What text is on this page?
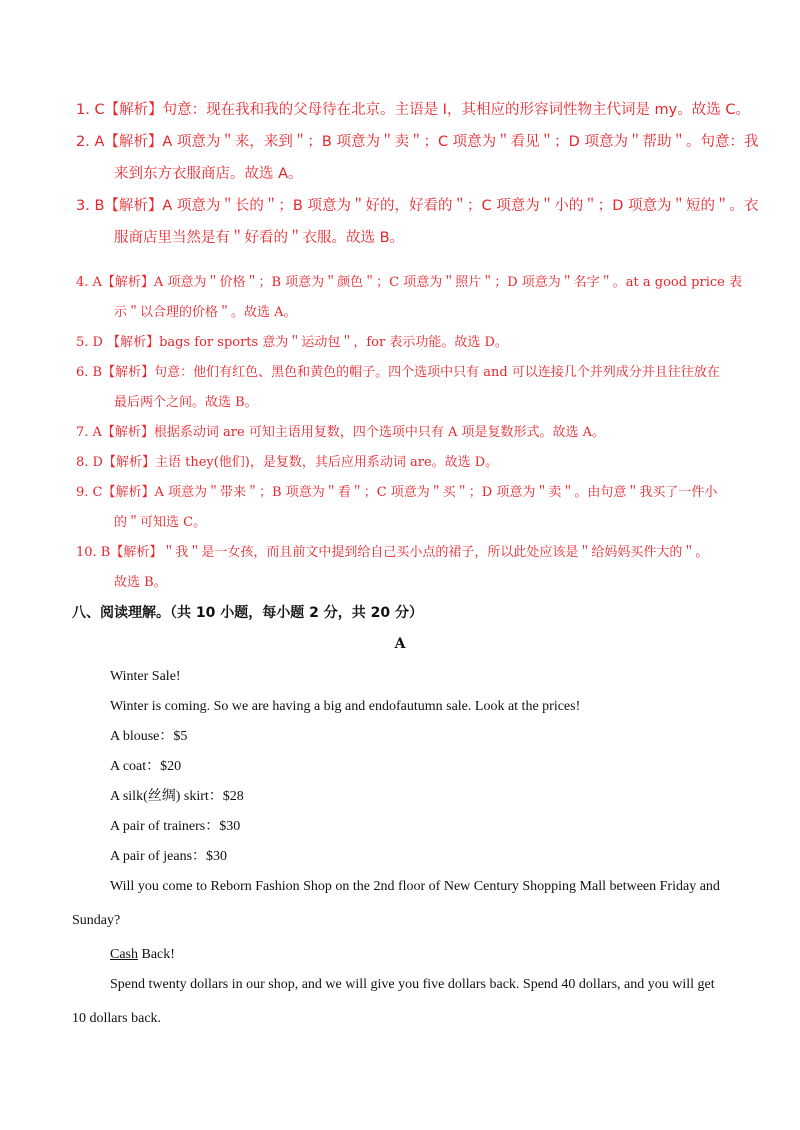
1. C【解析】句意：现在我和我的父母待在北京。主语是 I，其相应的形容词性物主代词是 my。故选 C。
2. A【解析】A 项意为＂来，来到＂；B 项意为＂卖＂；C 项意为＂看见＂；D 项意为＂帮助＂。句意：我
来到东方衣服商店。故选 A。
3. B【解析】A 项意为＂长的＂；B 项意为＂好的，好看的＂；C 项意为＂小的＂；D 项意为＂短的＂。衣
服商店里当然是有＂好看的＂衣服。故选 B。
4. A【解析】A 项意为＂价格＂；B 项意为＂颜色＂；C 项意为＂照片＂；D 项意为＂名字＂。at a good price 表
示＂以合理的价格＂。故选 A。
5. D 【解析】bags for sports 意为＂运动包＂，for 表示功能。故选 D。
6. B【解析】句意：他们有红色、黑色和黄色的帽子。四个选项中只有 and 可以连接几个并列成分并且往往放在
最后两个之间。故选 B。
7. A【解析】根据系动词 are 可知主语用复数，四个选项中只有 A 项是复数形式。故选 A。
8. D【解析】主语 they(他们)，是复数，其后应用系动词 are。故选 D。
9. C【解析】A 项意为＂带来＂；B 项意为＂看＂；C 项意为＂买＂；D 项意为＂卖＂。由句意＂我买了一件小
的＂可知选 C。
10. B【解析】＂我＂是一女孩，而且前文中提到给自己买小点的裙子，所以此处应该是＂给妈妈买件大的＂。
故选 B。
八、阅读理解。（共 10 小题，每小题 2 分，共 20 分）
A
Winter Sale!
Winter is coming. So we are having a big and endofautumn sale. Look at the prices!
A blouse：$5
A coat：$20
A silk(丝绸) skirt：$28
A pair of trainers：$30
A pair of jeans：$30
Will you come to Reborn Fashion Shop on the 2nd floor of New Century Shopping Mall between Friday and
Sunday?
Cash Back!
Spend twenty dollars in our shop, and we will give you five dollars back. Spend 40 dollars, and you will get
10 dollars back.
